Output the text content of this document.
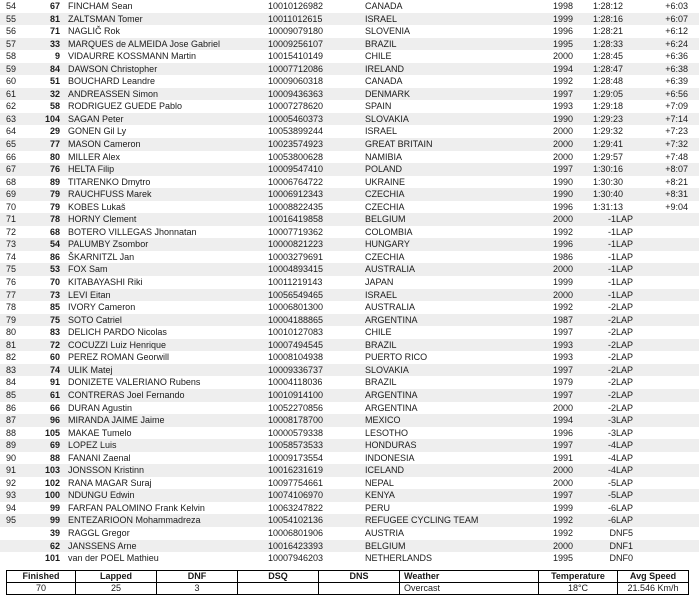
54	67 FINCHAM Sean	10010126982	CANADA	1998 1:28:12	+6:03
55	81 ZALTSMAN Tomer	10011012615	ISRAEL	1999 1:28:16	+6:07
56	71 NAGLIČ Rok	10009079180	SLOVENIA	1996 1:28:21	+6:12
57	33 MARQUES de ALMEIDA Jose Gabriel	10009256107	BRAZIL	1995 1:28:33	+6:24
58	9 VIDAURRE KOSSMANN Martin	10015410149	CHILE	2000 1:28:45	+6:36
59	84 DAWSON Christopher	10007712086	IRELAND	1994 1:28:47	+6:38
60	51 BOUCHARD Leandre	10009060318	CANADA	1992 1:28:48	+6:39
61	32 ANDREASSEN Simon	10009436363	DENMARK	1997 1:29:05	+6:56
62	58 RODRIGUEZ GUEDE Pablo	10007278620	SPAIN	1993 1:29:18	+7:09
63	104 SAGAN Peter	10005460373	SLOVAKIA	1990 1:29:23	+7:14
64	29 GONEN Gil Ly	10053899244	ISRAEL	2000 1:29:32	+7:23
65	77 MASON Cameron	10023574923	GREAT BRITAIN	2000 1:29:41	+7:32
66	80 MILLER Alex	10053800628	NAMIBIA	2000 1:29:57	+7:48
67	76 HELTA Filip	10009547410	POLAND	1997 1:30:16	+8:07
68	89 TITARENKO Dmytro	10006764722	UKRAINE	1990 1:30:30	+8:21
69	79 RAUCHFUSS Marek	10006912343	CZECHIA	1990 1:30:40	+8:31
70	79 KOBES Lukaš	10008822435	CZECHIA	1996 1:31:13	+9:04
71	78 HORNY Clement	10016419858	BELGIUM	2000	-1LAP
72	68 BOTERO VILLEGAS Jhonnatan	10007719362	COLOMBIA	1992	-1LAP
73	54 PALUMBY Zsombor	10000821223	HUNGARY	1996	-1LAP
74	86 ŠKARNITZL Jan	10003279691	CZECHIA	1986	-1LAP
75	53 FOX Sam	10004893415	AUSTRALIA	2000	-1LAP
76	70 KITABAYASHI Riki	10011219143	JAPAN	1999	-1LAP
77	73 LEVI Eitan	10056549465	ISRAEL	2000	-1LAP
78	85 IVORY Cameron	10006801300	AUSTRALIA	1992	-2LAP
79	75 SOTO Catriel	10004188865	ARGENTINA	1987	-2LAP
80	83 DELICH PARDO Nicolas	10010127083	CHILE	1997	-2LAP
81	72 COCUZZI Luiz Henrique	10007494545	BRAZIL	1993	-2LAP
82	60 PEREZ ROMAN Georwill	10008104938	PUERTO RICO	1993	-2LAP
83	74 ULIK Matej	10009336737	SLOVAKIA	1997	-2LAP
84	91 DONIZETE VALERIANO Rubens	10004118036	BRAZIL	1979	-2LAP
85	61 CONTRERAS Joel Fernando	10010914100	ARGENTINA	1997	-2LAP
86	66 DURAN Agustin	10052270856	ARGENTINA	2000	-2LAP
87	96 MIRANDA JAIME Jaime	10008178700	MEXICO	1994	-3LAP
88	105 MAKAE Tumelo	10000579338	LESOTHO	1996	-3LAP
89	69 LOPEZ Luis	10058573533	HONDURAS	1997	-4LAP
90	88 FANANI Zaenal	10009173554	INDONESIA	1991	-4LAP
91	103 JONSSON Kristinn	10016231619	ICELAND	2000	-4LAP
92	102 RANA MAGAR Suraj	10097754661	NEPAL	2000	-5LAP
93	100 NDUNGU Edwin	10074106970	KENYA	1997	-5LAP
94	99 FARFAN PALOMINO Frank Kelvin	10063247822	PERU	1999	-6LAP
95	99 ENTEZARIOON Mohammadreza	10054102136	REFUGEE CYCLING TEAM	1992	-6LAP
39 RAGGL Gregor	10006801906	AUSTRIA	1992	DNF5
62 JANSSENS Arne	10016423393	BELGIUM	2000	DNF1
101 van der POEL Mathieu	10007946203	NETHERLANDS	1995	DNF0
Finished	Lapped	DNF	DSQ	DNS	Weather	Temperature	Avg Speed
70	25	3			Overcast	18°C	21.546 Km/h
